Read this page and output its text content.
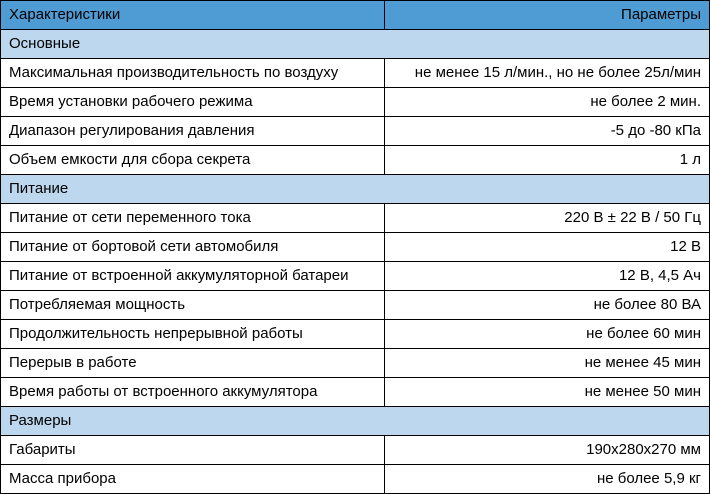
Характеристики	Параметры
Основные	
Максимальная производительность по воздуху	не менее 15 л/мин., но не более 25л/мин
Время установки рабочего режима	не более 2 мин.
Диапазон регулирования давления	-5 до -80 кПа
Объем емкости для сбора секрета	1 л
Питание	
Питание от сети переменного тока	220 В ± 22 В / 50 Гц
Питание от бортовой сети автомобиля	12 В
Питание от встроенной аккумуляторной батареи	12 В, 4,5 Ач
Потребляемая мощность	не более 80 ВА
Продолжительность непрерывной работы	не более 60 мин
Перерыв в работе	не менее 45 мин
Время работы от встроенного аккумулятора	не менее 50 мин
Размеры	
Габариты	190х280х270 мм
Масса прибора	не более 5,9 кг
